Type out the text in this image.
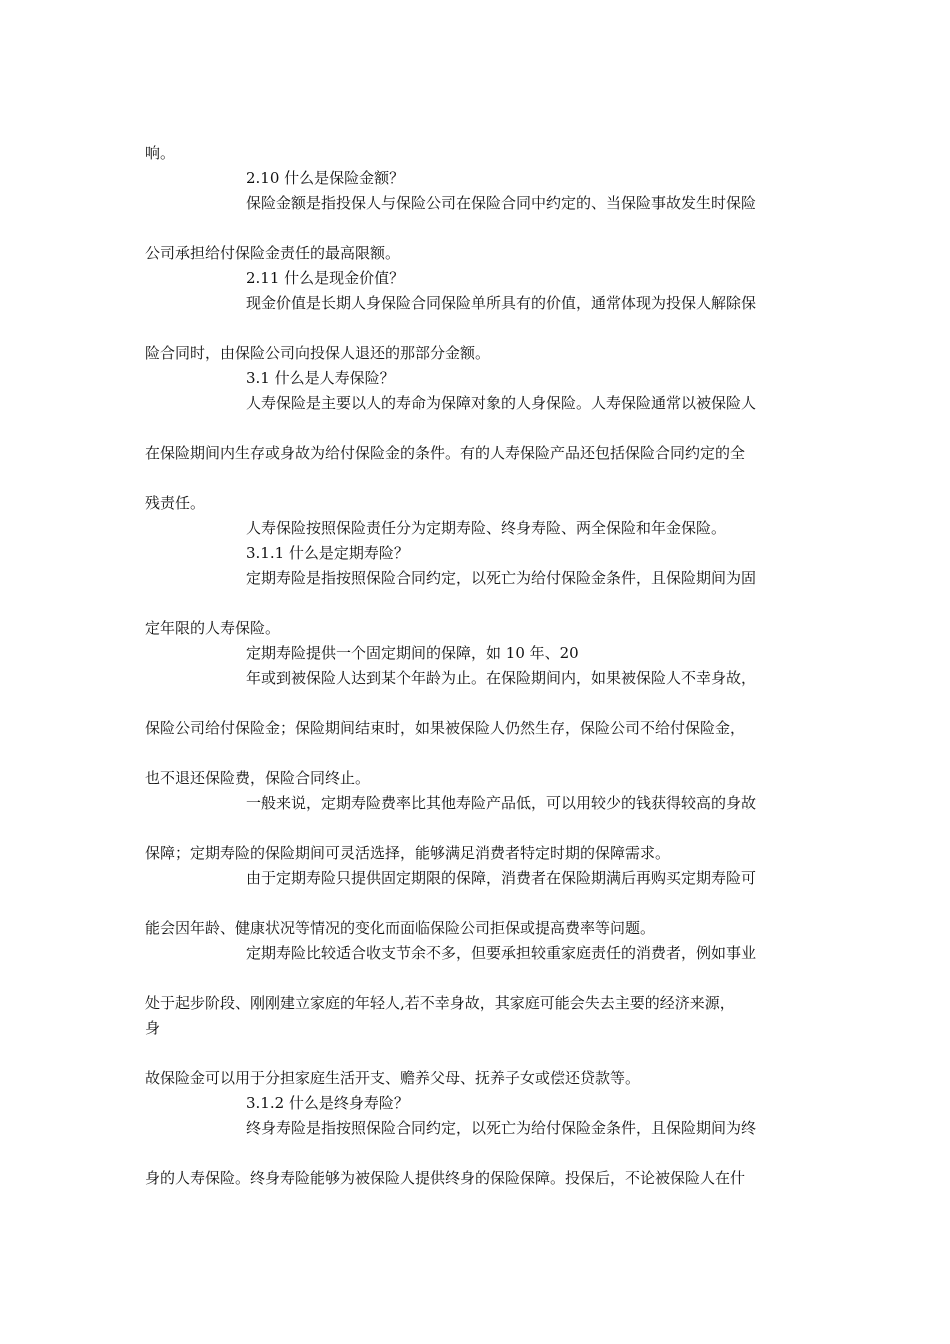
响。

2.10 什么是保险金额？

保险金额是指投保人与保险公司在保险合同中约定的、当保险事故发生时保险

公司承担给付保险金责任的最高限额。

2.11 什么是现金价值？

现金价值是长期人身保险合同保险单所具有的价值，通常体现为投保人解除保

险合同时，由保险公司向投保人退还的那部分金额。

3.1 什么是人寿保险？

人寿保险是主要以人的寿命为保障对象的人身保险。人寿保险通常以被保险人

在保险期间内生存或身故为给付保险金的条件。有的人寿保险产品还包括保险合同约定的全

残责任。

人寿保险按照保险责任分为定期寿险、终身寿险、两全保险和年金保险。

3.1.1 什么是定期寿险？

定期寿险是指按照保险合同约定，以死亡为给付保险金条件，且保险期间为固

定年限的人寿保险。

定期寿险提供一个固定期间的保障，如 10 年、20

年或到被保险人达到某个年龄为止。在保险期间内，如果被保险人不幸身故，

保险公司给付保险金；保险期间结束时，如果被保险人仍然生存，保险公司不给付保险金，

也不退还保险费，保险合同终止。

一般来说，定期寿险费率比其他寿险产品低，可以用较少的钱获得较高的身故

保障；定期寿险的保险期间可灵活选择，能够满足消费者特定时期的保障需求。

由于定期寿险只提供固定期限的保障，消费者在保险期满后再购买定期寿险可

能会因年龄、健康状况等情况的变化而面临保险公司拒保或提高费率等问题。

定期寿险比较适合收支节余不多，但要承担较重家庭责任的消费者，例如事业

处于起步阶段、刚刚建立家庭的年轻人,若不幸身故，其家庭可能会失去主要的经济来源，

身

故保险金可以用于分担家庭生活开支、赡养父母、抚养子女或偿还贷款等。

3.1.2 什么是终身寿险？

终身寿险是指按照保险合同约定，以死亡为给付保险金条件，且保险期间为终

身的人寿保险。终身寿险能够为被保险人提供终身的保险保障。投保后，不论被保险人在什
